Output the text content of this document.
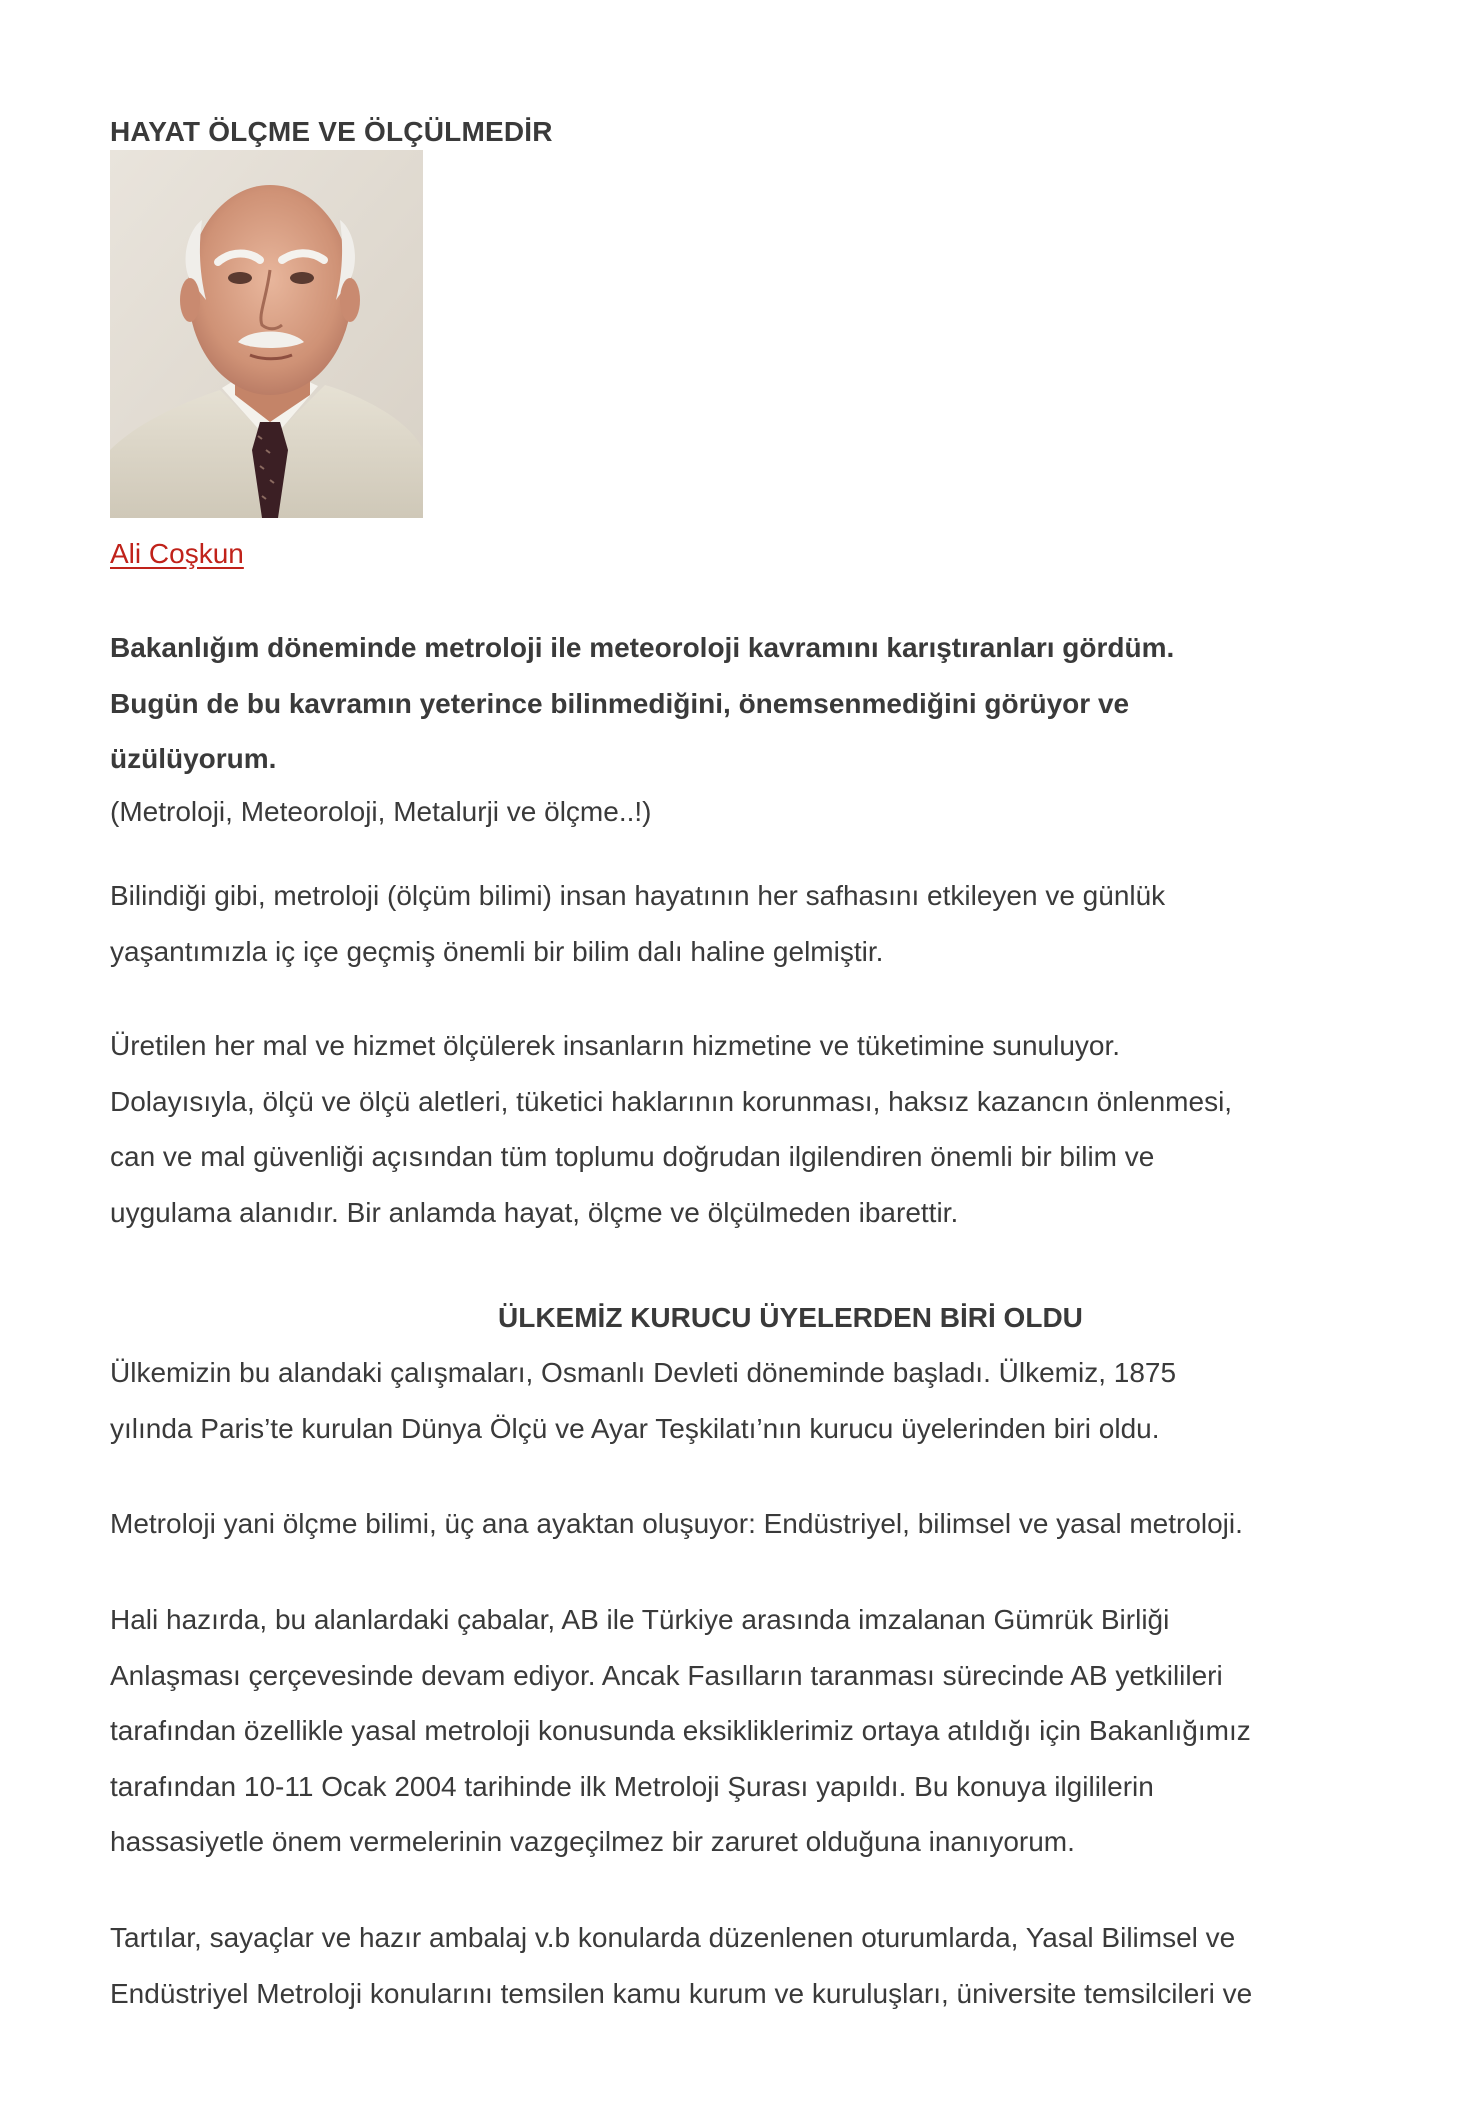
HAYAT ÖLÇME VE ÖLÇÜLMEDİR
Ali Coşkun
Bakanlığım döneminde metroloji ile meteoroloji kavramını karıştıranları gördüm.
Bugün de bu kavramın yeterince bilinmediğini, önemsenmediğini görüyor ve
üzülüyorum.
(Metroloji, Meteoroloji, Metalurji ve ölçme..!)
Bilindiği gibi, metroloji (ölçüm bilimi) insan hayatının her safhasını etkileyen ve günlük
yaşantımızla iç içe geçmiş önemli bir bilim dalı haline gelmiştir.
Üretilen her mal ve hizmet ölçülerek insanların hizmetine ve tüketimine sunuluyor.
Dolayısıyla, ölçü ve ölçü aletleri, tüketici haklarının korunması, haksız kazancın önlenmesi,
can ve mal güvenliği açısından tüm toplumu doğrudan ilgilendiren önemli bir bilim ve
uygulama alanıdır. Bir anlamda hayat, ölçme ve ölçülmeden ibarettir.
ÜLKEMİZ KURUCU ÜYELERDEN BİRİ OLDU
Ülkemizin bu alandaki çalışmaları, Osmanlı Devleti döneminde başladı. Ülkemiz, 1875
yılında Paris’te kurulan Dünya Ölçü ve Ayar Teşkilatı’nın kurucu üyelerinden biri oldu.
Metroloji yani ölçme bilimi, üç ana ayaktan oluşuyor: Endüstriyel, bilimsel ve yasal metroloji.
Hali hazırda, bu alanlardaki çabalar, AB ile Türkiye arasında imzalanan Gümrük Birliği
Anlaşması çerçevesinde devam ediyor. Ancak Fasılların taranması sürecinde AB yetkilileri
tarafından özellikle yasal metroloji konusunda eksikliklerimiz ortaya atıldığı için Bakanlığımız
tarafından 10-11 Ocak 2004 tarihinde ilk Metroloji Şurası yapıldı. Bu konuya ilgililerin
hassasiyetle önem vermelerinin vazgeçilmez bir zaruret olduğuna inanıyorum.
Tartılar, sayaçlar ve hazır ambalaj v.b konularda düzenlenen oturumlarda, Yasal Bilimsel ve
Endüstriyel Metroloji konularını temsilen kamu kurum ve kuruluşları, üniversite temsilcileri ve
